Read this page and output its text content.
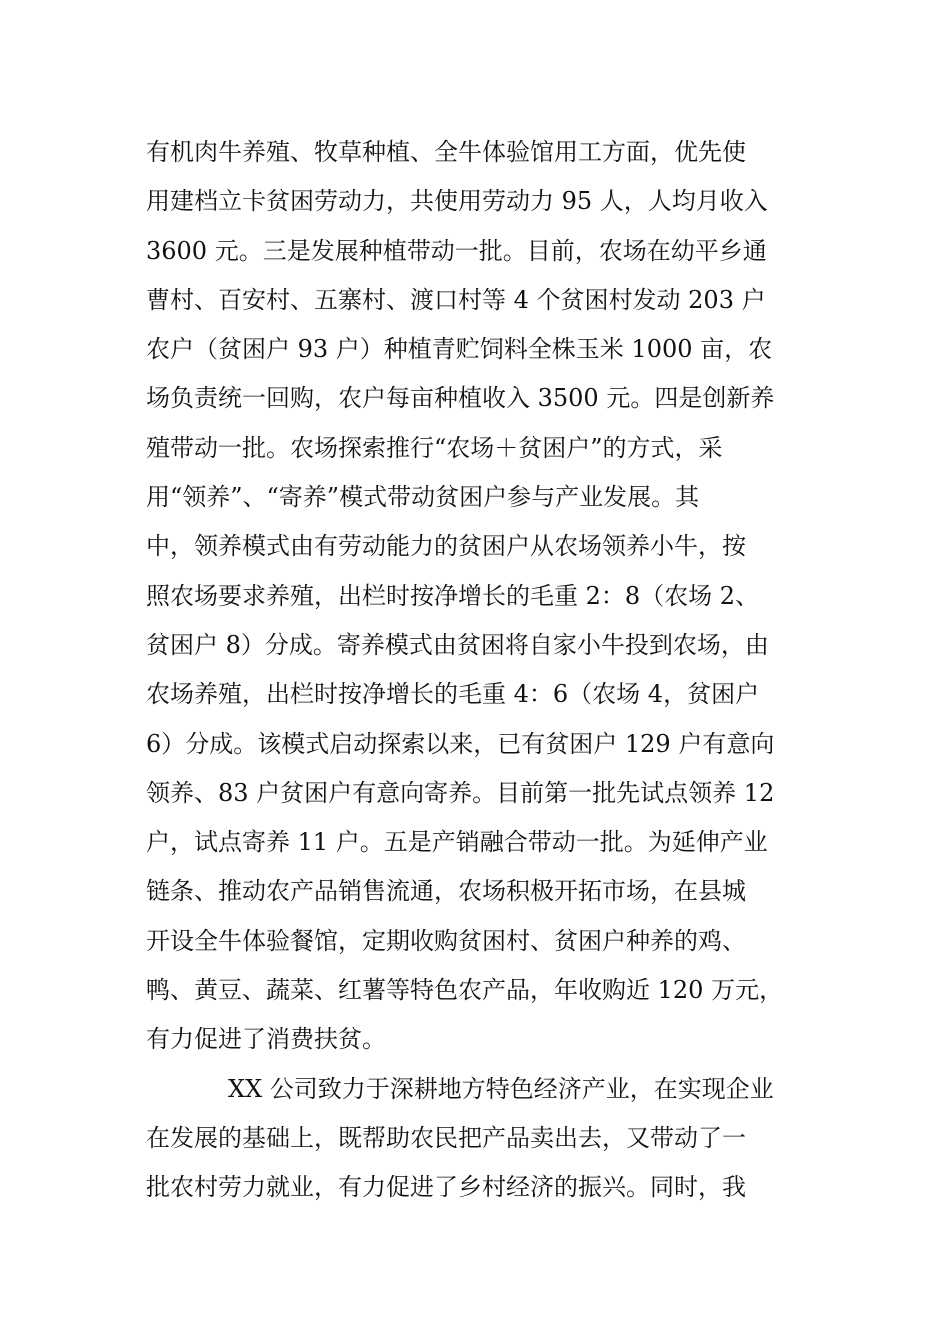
有机肉牛养殖、牧草种植、全牛体验馆用工方面，优先使
用建档立卡贫困劳动力，共使用劳动力 95 人，人均月收入
3600 元。三是发展种植带动一批。目前，农场在幼平乡通
曹村、百安村、五寨村、渡口村等 4 个贫困村发动 203 户
农户（贫困户 93 户）种植青贮饲料全株玉米 1000 亩，农
场负责统一回购，农户每亩种植收入 3500 元。四是创新养
殖带动一批。农场探索推行“农场＋贫困户”的方式，采
用“领养”、“寄养”模式带动贫困户参与产业发展。其
中，领养模式由有劳动能力的贫困户从农场领养小牛，按
照农场要求养殖，出栏时按净增长的毛重 2：8（农场 2、
贫困户 8）分成。寄养模式由贫困将自家小牛投到农场，由
农场养殖，出栏时按净增长的毛重 4：6（农场 4，贫困户
6）分成。该模式启动探索以来，已有贫困户 129 户有意向
领养、83 户贫困户有意向寄养。目前第一批先试点领养 12
户，试点寄养 11 户。五是产销融合带动一批。为延伸产业
链条、推动农产品销售流通，农场积极开拓市场，在县城
开设全牛体验餐馆，定期收购贫困村、贫困户种养的鸡、
鸭、黄豆、蔬菜、红薯等特色农产品，年收购近 120 万元，
有力促进了消费扶贫。
XX 公司致力于深耕地方特色经济产业，在实现企业
在发展的基础上，既帮助农民把产品卖出去，又带动了一
批农村劳力就业，有力促进了乡村经济的振兴。同时，我
